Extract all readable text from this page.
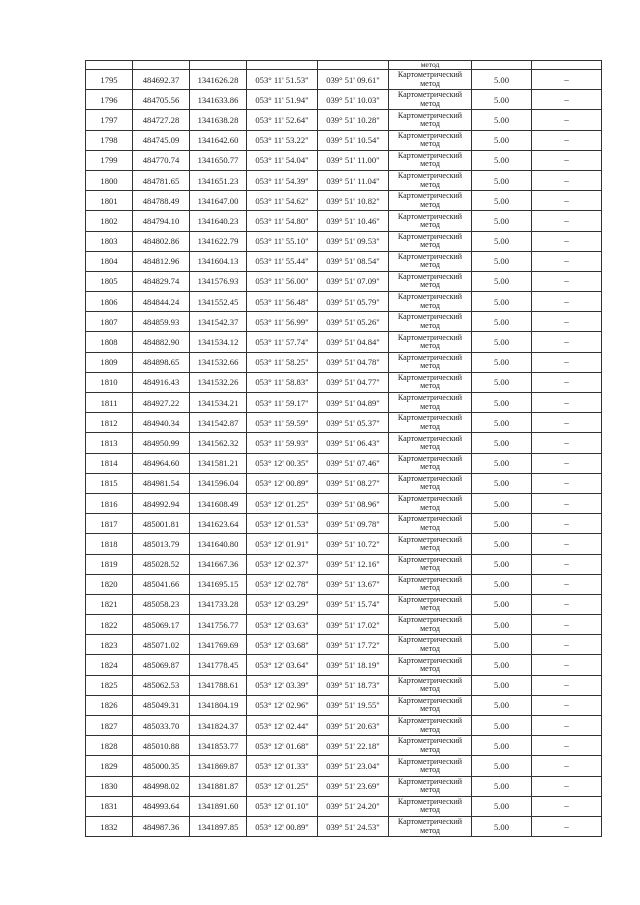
					метод		
1795	484692.37	1341626.28	053° 11' 51.53"	039° 51' 09.61"	Картометрический
метод	5.00	–
1796	484705.56	1341633.86	053° 11' 51.94"	039° 51' 10.03"	Картометрический
метод	5.00	–
1797	484727.28	1341638.28	053° 11' 52.64"	039° 51' 10.28"	Картометрический
метод	5.00	–
1798	484745.09	1341642.60	053° 11' 53.22"	039° 51' 10.54"	Картометрический
метод	5.00	–
1799	484770.74	1341650.77	053° 11' 54.04"	039° 51' 11.00"	Картометрический
метод	5.00	–
1800	484781.65	1341651.23	053° 11' 54.39"	039° 51' 11.04"	Картометрический
метод	5.00	–
1801	484788.49	1341647.00	053° 11' 54.62"	039° 51' 10.82"	Картометрический
метод	5.00	–
1802	484794.10	1341640.23	053° 11' 54.80"	039° 51' 10.46"	Картометрический
метод	5.00	–
1803	484802.86	1341622.79	053° 11' 55.10"	039° 51' 09.53"	Картометрический
метод	5.00	–
1804	484812.96	1341604.13	053° 11' 55.44"	039° 51' 08.54"	Картометрический
метод	5.00	–
1805	484829.74	1341576.93	053° 11' 56.00"	039° 51' 07.09"	Картометрический
метод	5.00	–
1806	484844.24	1341552.45	053° 11' 56.48"	039° 51' 05.79"	Картометрический
метод	5.00	–
1807	484859.93	1341542.37	053° 11' 56.99"	039° 51' 05.26"	Картометрический
метод	5.00	–
1808	484882.90	1341534.12	053° 11' 57.74"	039° 51' 04.84"	Картометрический
метод	5.00	–
1809	484898.65	1341532.66	053° 11' 58.25"	039° 51' 04.78"	Картометрический
метод	5.00	–
1810	484916.43	1341532.26	053° 11' 58.83"	039° 51' 04.77"	Картометрический
метод	5.00	–
1811	484927.22	1341534.21	053° 11' 59.17"	039° 51' 04.89"	Картометрический
метод	5.00	–
1812	484940.34	1341542.87	053° 11' 59.59"	039° 51' 05.37"	Картометрический
метод	5.00	–
1813	484950.99	1341562.32	053° 11' 59.93"	039° 51' 06.43"	Картометрический
метод	5.00	–
1814	484964.60	1341581.21	053° 12' 00.35"	039° 51' 07.46"	Картометрический
метод	5.00	–
1815	484981.54	1341596.04	053° 12' 00.89"	039° 51' 08.27"	Картометрический
метод	5.00	–
1816	484992.94	1341608.49	053° 12' 01.25"	039° 51' 08.96"	Картометрический
метод	5.00	–
1817	485001.81	1341623.64	053° 12' 01.53"	039° 51' 09.78"	Картометрический
метод	5.00	–
1818	485013.79	1341640.80	053° 12' 01.91"	039° 51' 10.72"	Картометрический
метод	5.00	–
1819	485028.52	1341667.36	053° 12' 02.37"	039° 51' 12.16"	Картометрический
метод	5.00	–
1820	485041.66	1341695.15	053° 12' 02.78"	039° 51' 13.67"	Картометрический
метод	5.00	–
1821	485058.23	1341733.28	053° 12' 03.29"	039° 51' 15.74"	Картометрический
метод	5.00	–
1822	485069.17	1341756.77	053° 12' 03.63"	039° 51' 17.02"	Картометрический
метод	5.00	–
1823	485071.02	1341769.69	053° 12' 03.68"	039° 51' 17.72"	Картометрический
метод	5.00	–
1824	485069.87	1341778.45	053° 12' 03.64"	039° 51' 18.19"	Картометрический
метод	5.00	–
1825	485062.53	1341788.61	053° 12' 03.39"	039° 51' 18.73"	Картометрический
метод	5.00	–
1826	485049.31	1341804.19	053° 12' 02.96"	039° 51' 19.55"	Картометрический
метод	5.00	–
1827	485033.70	1341824.37	053° 12' 02.44"	039° 51' 20.63"	Картометрический
метод	5.00	–
1828	485010.88	1341853.77	053° 12' 01.68"	039° 51' 22.18"	Картометрический
метод	5.00	–
1829	485000.35	1341869.87	053° 12' 01.33"	039° 51' 23.04"	Картометрический
метод	5.00	–
1830	484998.02	1341881.87	053° 12' 01.25"	039° 51' 23.69"	Картометрический
метод	5.00	–
1831	484993.64	1341891.60	053° 12' 01.10"	039° 51' 24.20"	Картометрический
метод	5.00	–
1832	484987.36	1341897.85	053° 12' 00.89"	039° 51' 24.53"	Картометрический
метод	5.00	–
